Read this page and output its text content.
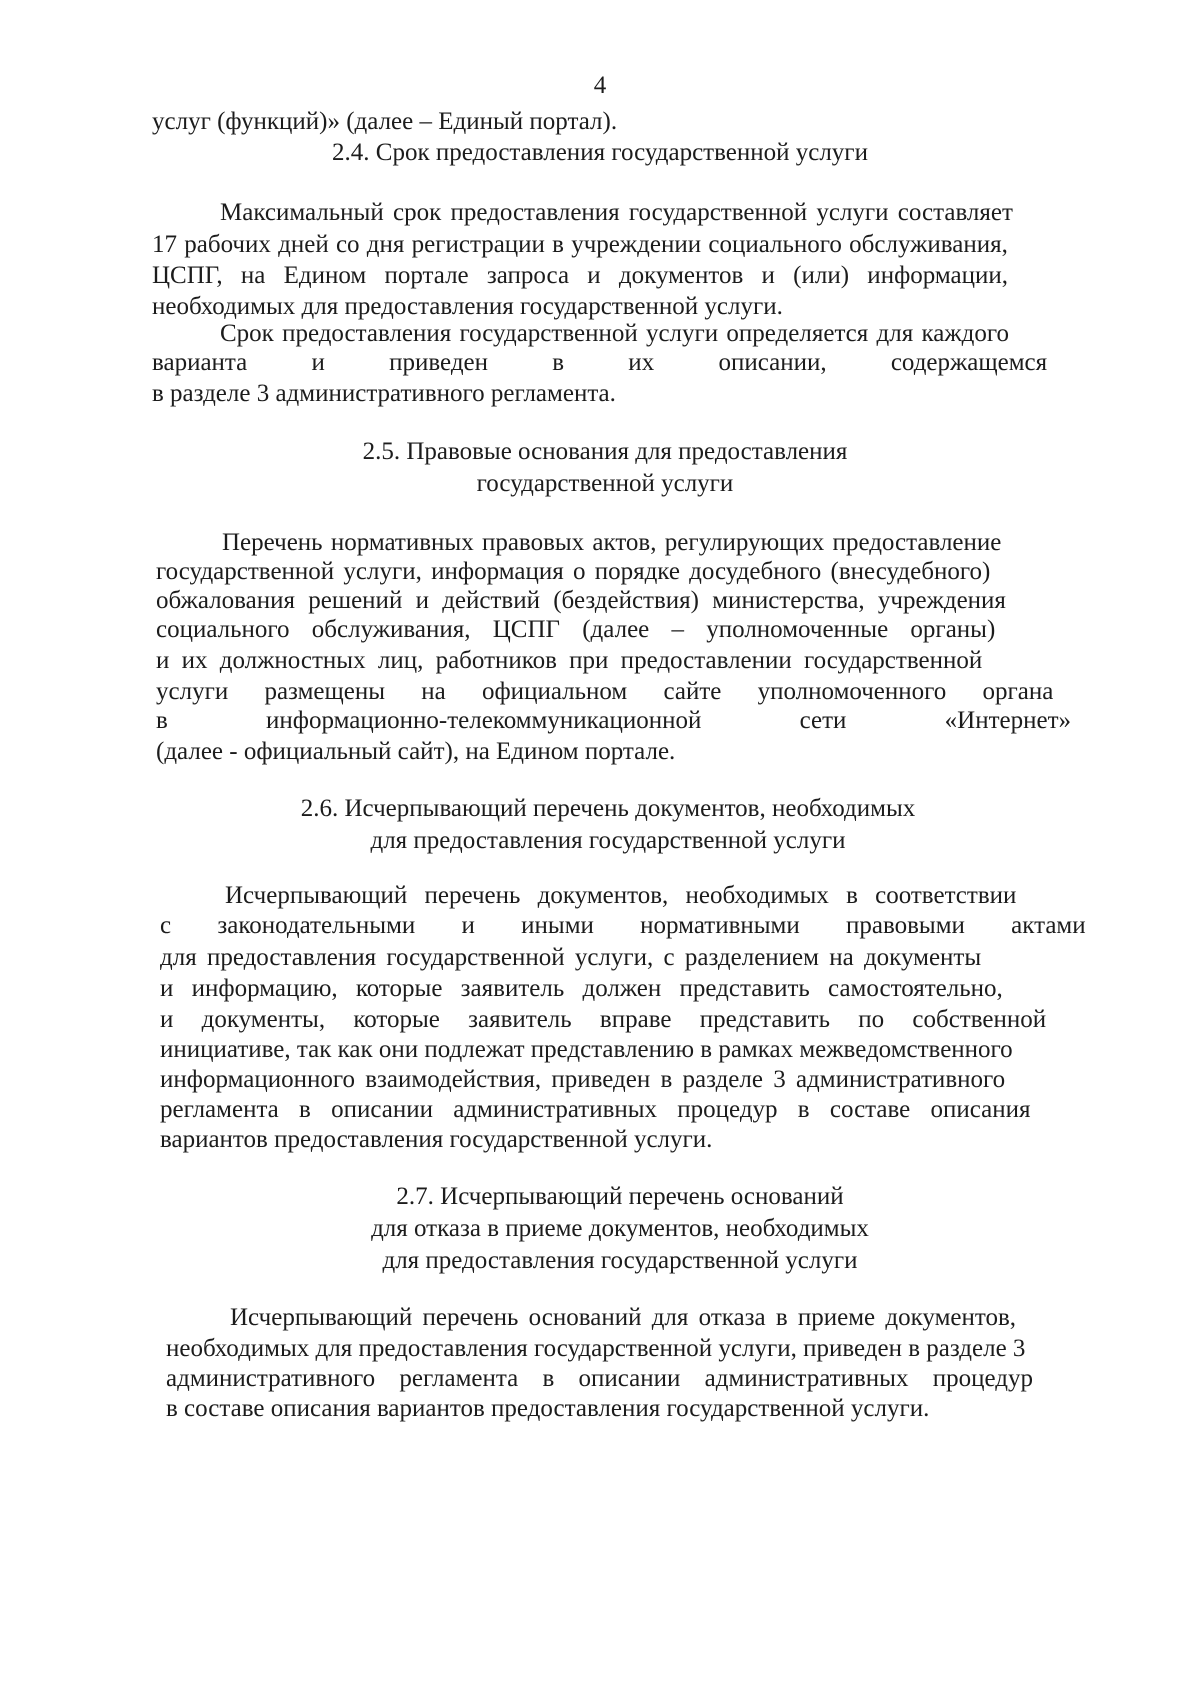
4
услуг (функций)» (далее – Единый портал).
2.4. Срок предоставления государственной услуги
Максимальный срок предоставления государственной услуги составляет
17 рабочих дней со дня регистрации в учреждении социального обслуживания,
ЦСПГ, на Едином портале запроса и документов и (или) информации,
необходимых для предоставления государственной услуги.
Срок предоставления государственной услуги определяется для каждого
варианта и приведен в их описании, содержащемся
в разделе 3 административного регламента.
2.5. Правовые основания для предоставления
государственной услуги
Перечень нормативных правовых актов, регулирующих предоставление
государственной услуги, информация о порядке досудебного (внесудебного)
обжалования решений и действий (бездействия) министерства, учреждения
социального обслуживания, ЦСПГ (далее – уполномоченные органы)
и их должностных лиц, работников при предоставлении государственной
услуги размещены на официальном сайте уполномоченного органа
в информационно-телекоммуникационной сети «Интернет»
(далее - официальный сайт), на Едином портале.
2.6. Исчерпывающий перечень документов, необходимых
для предоставления государственной услуги
Исчерпывающий перечень документов, необходимых в соответствии
с законодательными и иными нормативными правовыми актами
для предоставления государственной услуги, с разделением на документы
и информацию, которые заявитель должен представить самостоятельно,
и документы, которые заявитель вправе представить по собственной
инициативе, так как они подлежат представлению в рамках межведомственного
информационного взаимодействия, приведен в разделе 3 административного
регламента в описании административных процедур в составе описания
вариантов предоставления государственной услуги.
2.7. Исчерпывающий перечень оснований
для отказа в приеме документов, необходимых
для предоставления государственной услуги
Исчерпывающий перечень оснований для отказа в приеме документов,
необходимых для предоставления государственной услуги, приведен в разделе 3
административного регламента в описании административных процедур
в составе описания вариантов предоставления государственной услуги.
